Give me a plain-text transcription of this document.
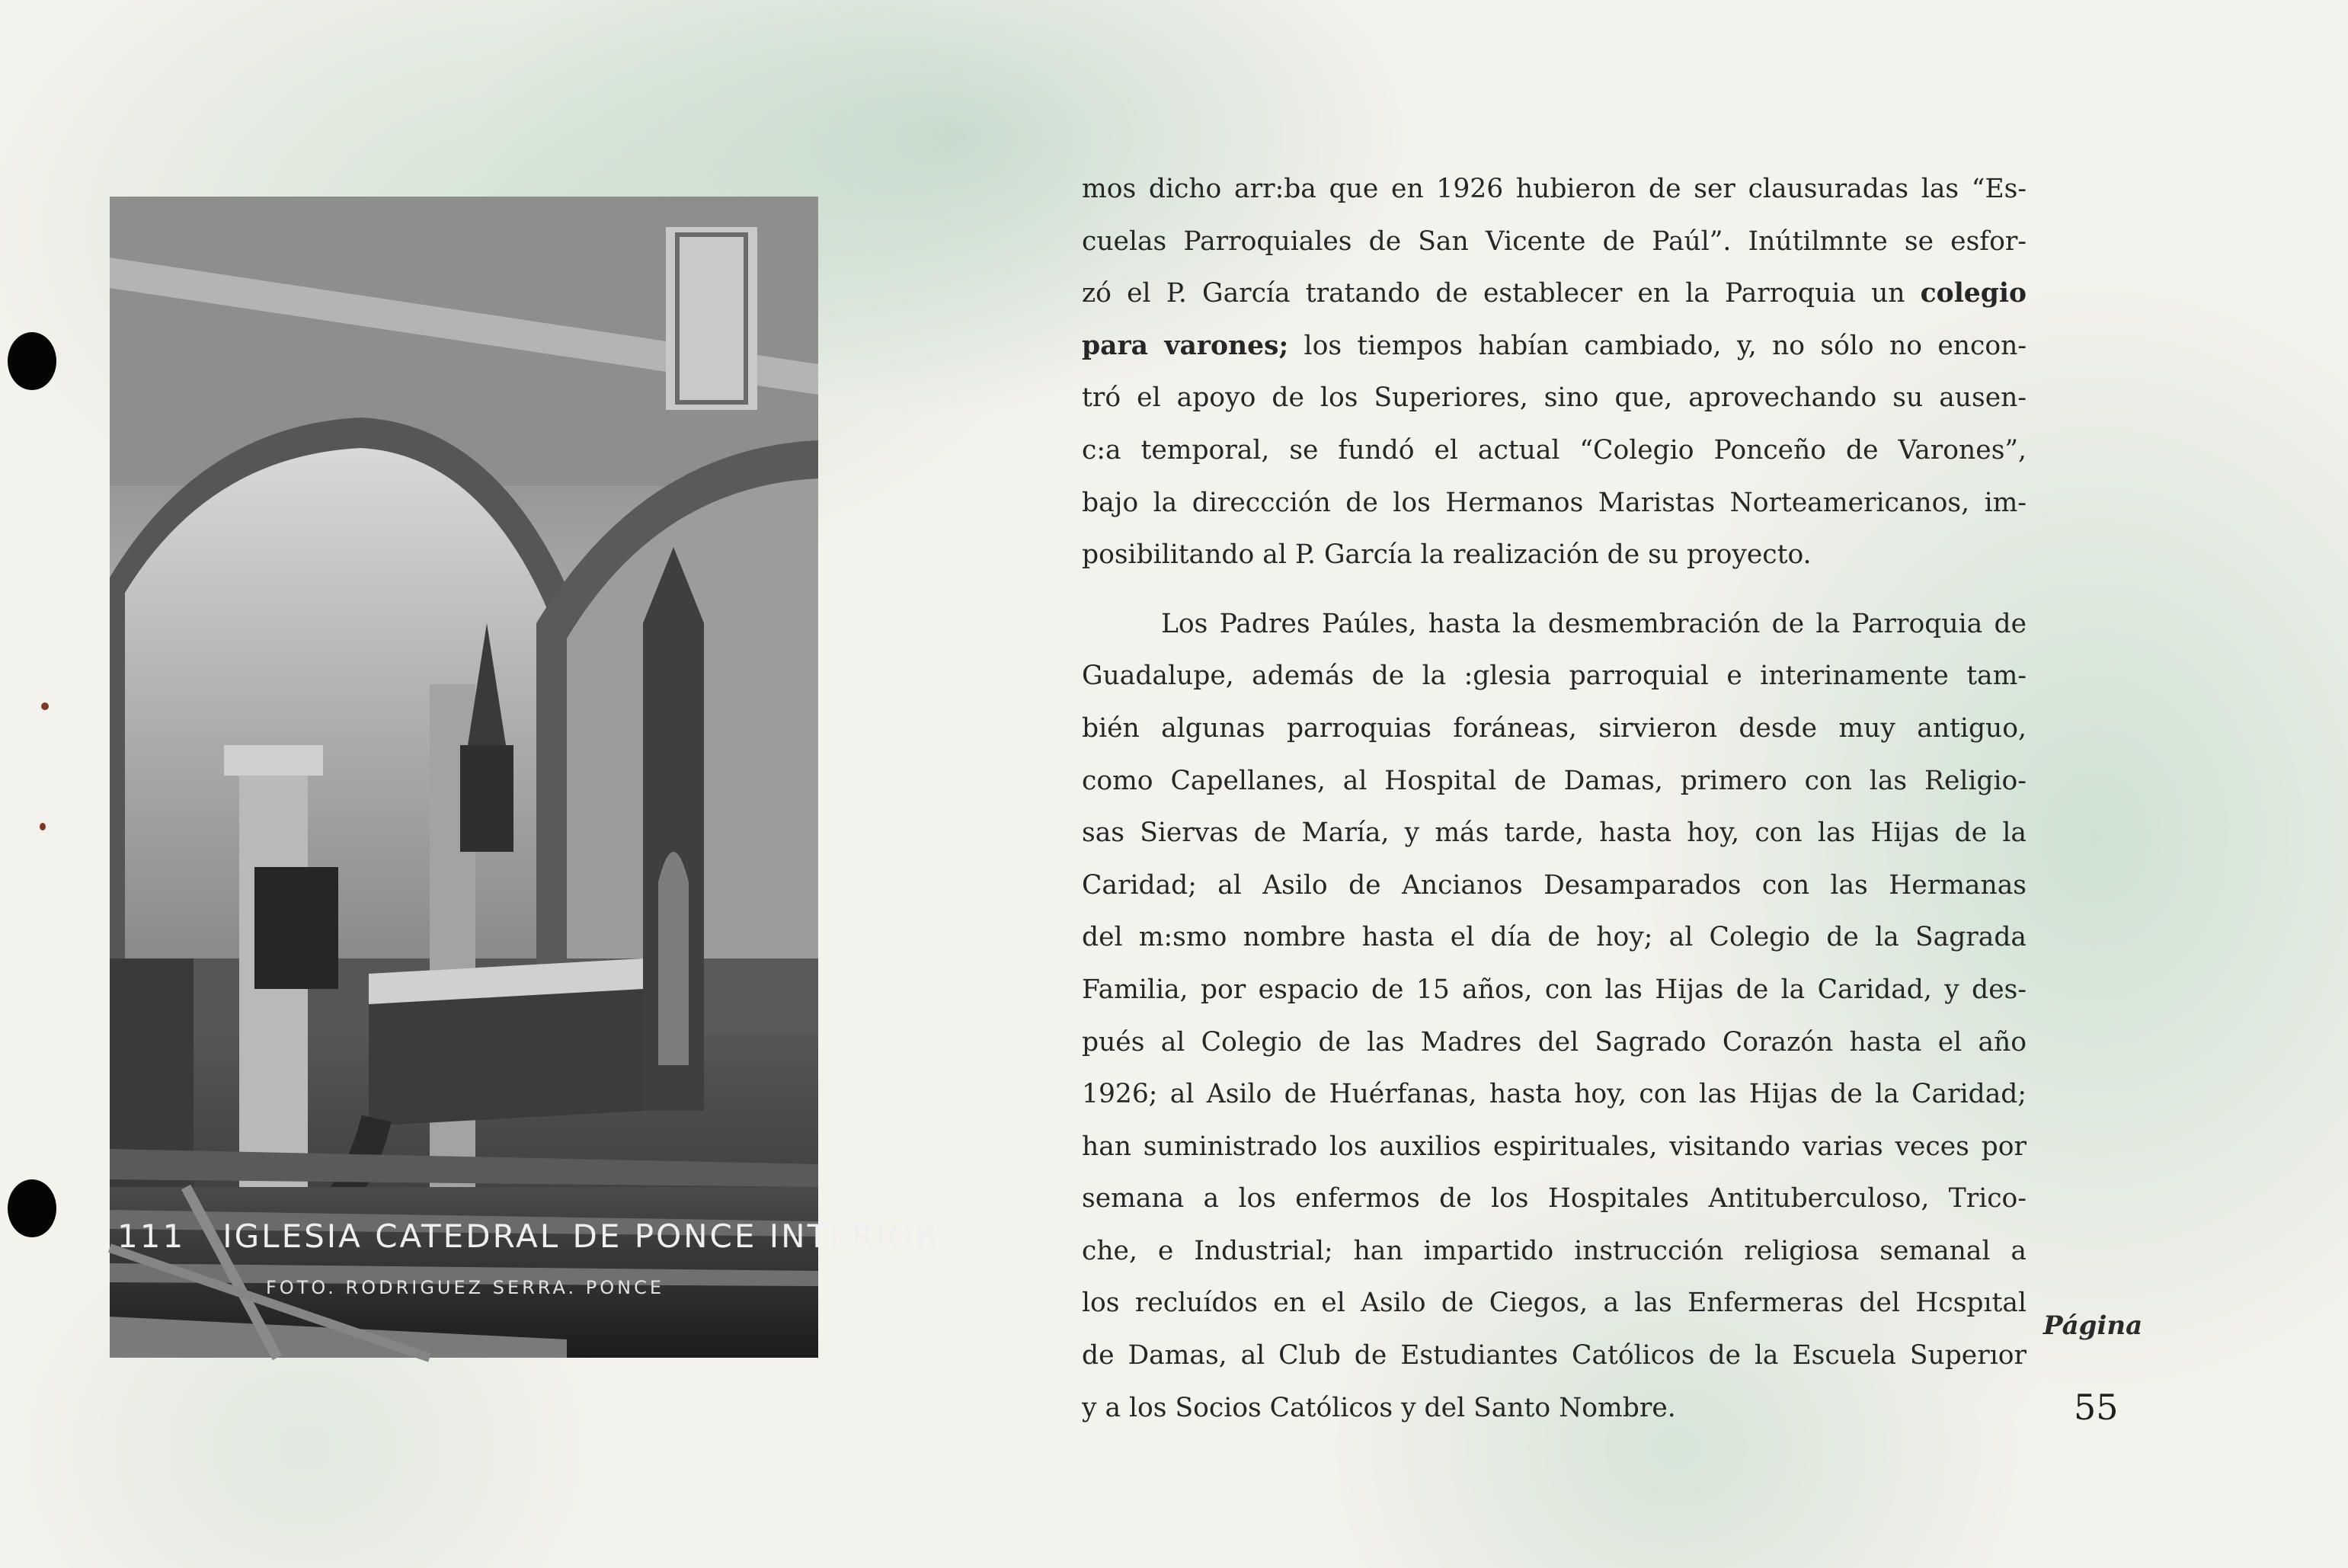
111 IGLESIA CATEDRAL DE PONCE INTERIOR
FOTO. RODRIGUEZ SERRA. PONCE
mos dicho arr:ba que en 1926 hubieron de ser clausuradas las “Es-
cuelas Parroquiales de San Vicente de Paúl”. Inútilmnte se esfor-
zó el P. García tratando de establecer en la Parroquia un colegio
para varones; los tiempos habían cambiado, y, no sólo no encon-
tró el apoyo de los Superiores, sino que, aprovechando su ausen-
c:a temporal, se fundó el actual “Colegio Ponceño de Varones”,
bajo la direccción de los Hermanos Maristas Norteamericanos, im-
posibilitando al P. García la realización de su proyecto.
Los Padres Paúles, hasta la desmembración de la Parroquia de
Guadalupe, además de la :glesia parroquial e interinamente tam-
bién algunas parroquias foráneas, sirvieron desde muy antiguo,
como Capellanes, al Hospital de Damas, primero con las Religio-
sas Siervas de María, y más tarde, hasta hoy, con las Hijas de la
Caridad; al Asilo de Ancianos Desamparados con las Hermanas
del m:smo nombre hasta el día de hoy; al Colegio de la Sagrada
Familia, por espacio de 15 años, con las Hijas de la Caridad, y des-
pués al Colegio de las Madres del Sagrado Corazón hasta el año
1926; al Asilo de Huérfanas, hasta hoy, con las Hijas de la Caridad;
han suministrado los auxilios espirituales, visitando varias veces por
semana a los enfermos de los Hospitales Antituberculoso, Trico-
che, e Industrial; han impartido instrucción religiosa semanal a
los recluídos en el Asilo de Ciegos, a las Enfermeras del Hcspıtal
de Damas, al Club de Estudiantes Católicos de la Escuela Superıor
y a los Socios Católicos y del Santo Nombre.
Página
55
